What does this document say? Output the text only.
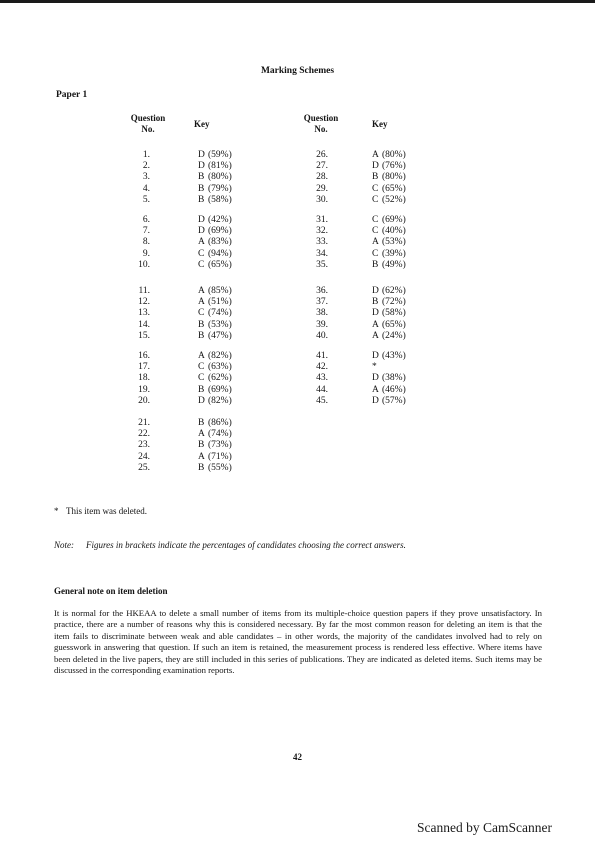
Marking Schemes
Paper 1
Question
No.	Key
Question
No.	Key
1.	D (59%)
2.	D (81%)
3.	B (80%)
4.	B (79%)
5.	B (58%)
6.	D (42%)
7.	D (69%)
8.	A (83%)
9.	C (94%)
10.	C (65%)
11.	A (85%)
12.	A (51%)
13.	C (74%)
14.	B (53%)
15.	B (47%)
16.	A (82%)
17.	C (63%)
18.	C (62%)
19.	B (69%)
20.	D (82%)
21.	B (86%)
22.	A (74%)
23.	B (73%)
24.	A (71%)
25.	B (55%)
26.	A (80%)
27.	D (76%)
28.	B (80%)
29.	C (65%)
30.	C (52%)
31.	C (69%)
32.	C (40%)
33.	A (53%)
34.	C (39%)
35.	B (49%)
36.	D (62%)
37.	B (72%)
38.	D (58%)
39.	A (65%)
40.	A (24%)
41.	D (43%)
42.	*
43.	D (38%)
44.	A (46%)
45.	D (57%)
* This item was deleted.
Note: Figures in brackets indicate the percentages of candidates choosing the correct answers.
General note on item deletion
It is normal for the HKEAA to delete a small number of items from its multiple-choice question papers if they prove unsatisfactory. In practice, there are a number of reasons why this is considered necessary. By far the most common reason for deleting an item is that the item fails to discriminate between weak and able candidates – in other words, the majority of the candidates involved had to rely on guesswork in answering that question. If such an item is retained, the measurement process is rendered less effective. Where items have been deleted in the live papers, they are still included in this series of publications. They are indicated as deleted items. Such items may be discussed in the corresponding examination reports.
42
Scanned by CamScanner
